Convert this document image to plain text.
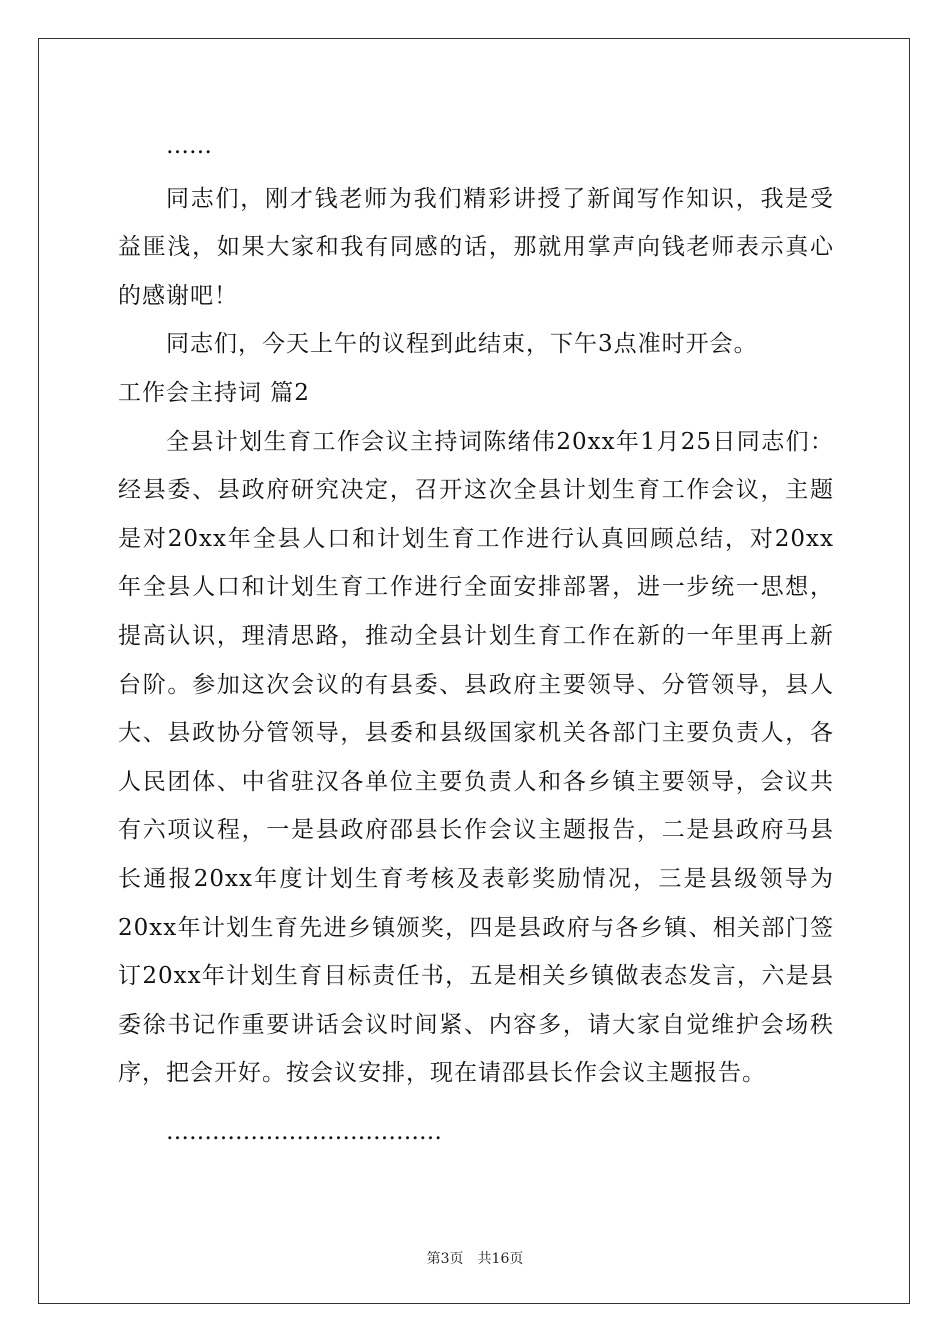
……

同志们，刚才钱老师为我们精彩讲授了新闻写作知识，我是受益匪浅，如果大家和我有同感的话，那就用掌声向钱老师表示真心的感谢吧！

同志们，今天上午的议程到此结束，下午3点准时开会。

工作会主持词 篇2

全县计划生育工作会议主持词陈绪伟20xx年1月25日同志们：经县委、县政府研究决定，召开这次全县计划生育工作会议，主题是对20xx年全县人口和计划生育工作进行认真回顾总结，对20xx年全县人口和计划生育工作进行全面安排部署，进一步统一思想，提高认识，理清思路，推动全县计划生育工作在新的一年里再上新台阶。参加这次会议的有县委、县政府主要领导、分管领导，县人大、县政协分管领导，县委和县级国家机关各部门主要负责人，各人民团体、中省驻汉各单位主要负责人和各乡镇主要领导，会议共有六项议程，一是县政府邵县长作会议主题报告，二是县政府马县长通报20xx年度计划生育考核及表彰奖励情况，三是县级领导为20xx年计划生育先进乡镇颁奖，四是县政府与各乡镇、相关部门签订20xx年计划生育目标责任书，五是相关乡镇做表态发言，六是县委徐书记作重要讲话会议时间紧、内容多，请大家自觉维护会场秩序，把会开好。按会议安排，现在请邵县长作会议主题报告。

………………………………

第3页　共16页
